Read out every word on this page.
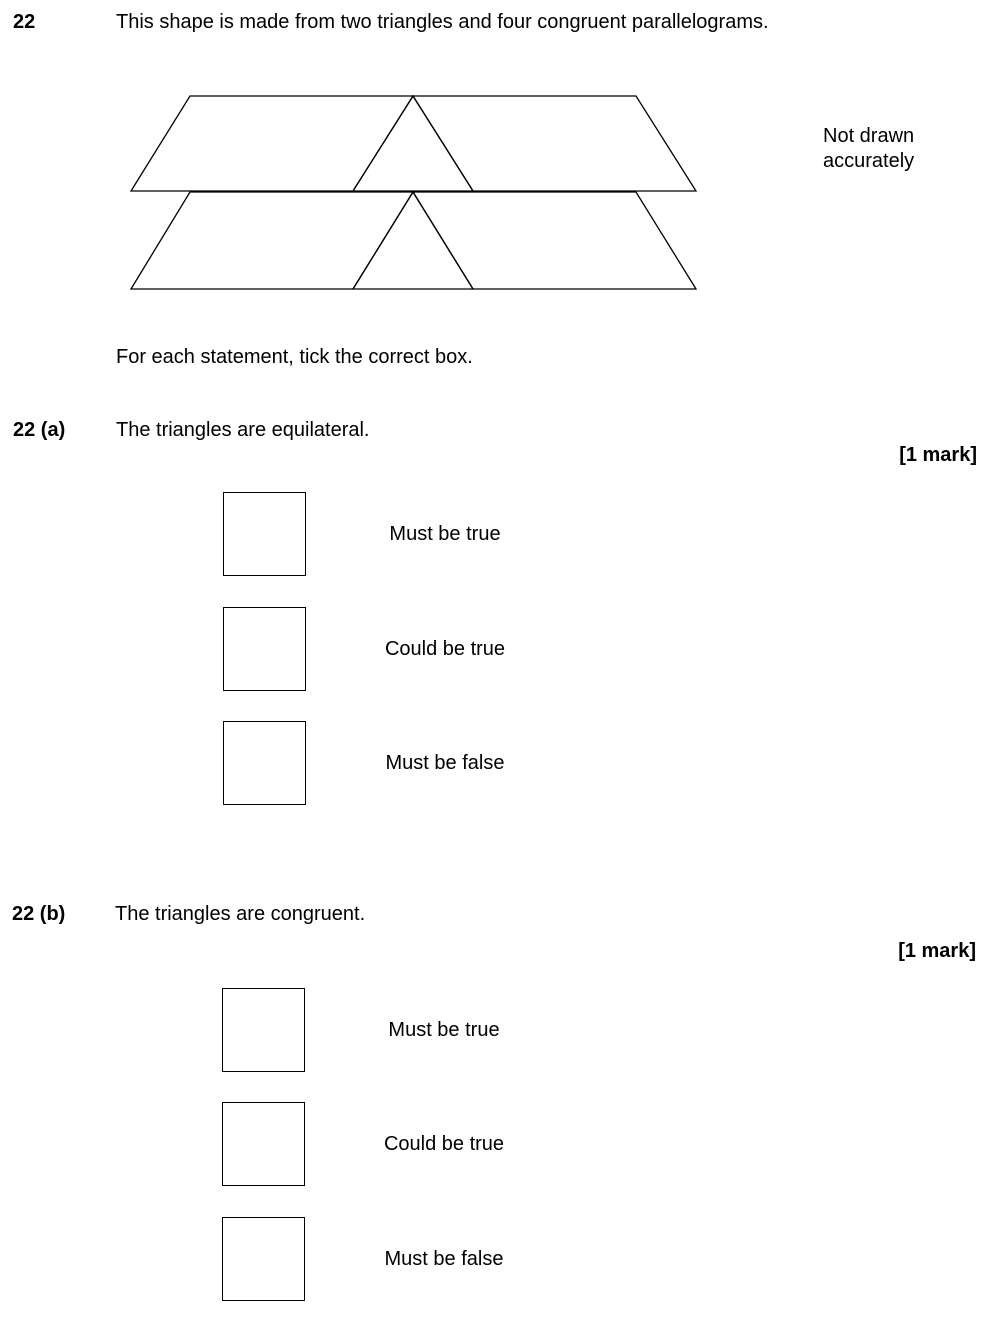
22	This shape is made from two triangles and four congruent parallelograms.
Not drawn
accurately
For each statement, tick the correct box.
22 (a)	The triangles are equilateral.
[1 mark]
Must be true
Could be true
Must be false
22 (b) The triangles are congruent.
[1 mark]
Must be true
Could be true
Must be false
